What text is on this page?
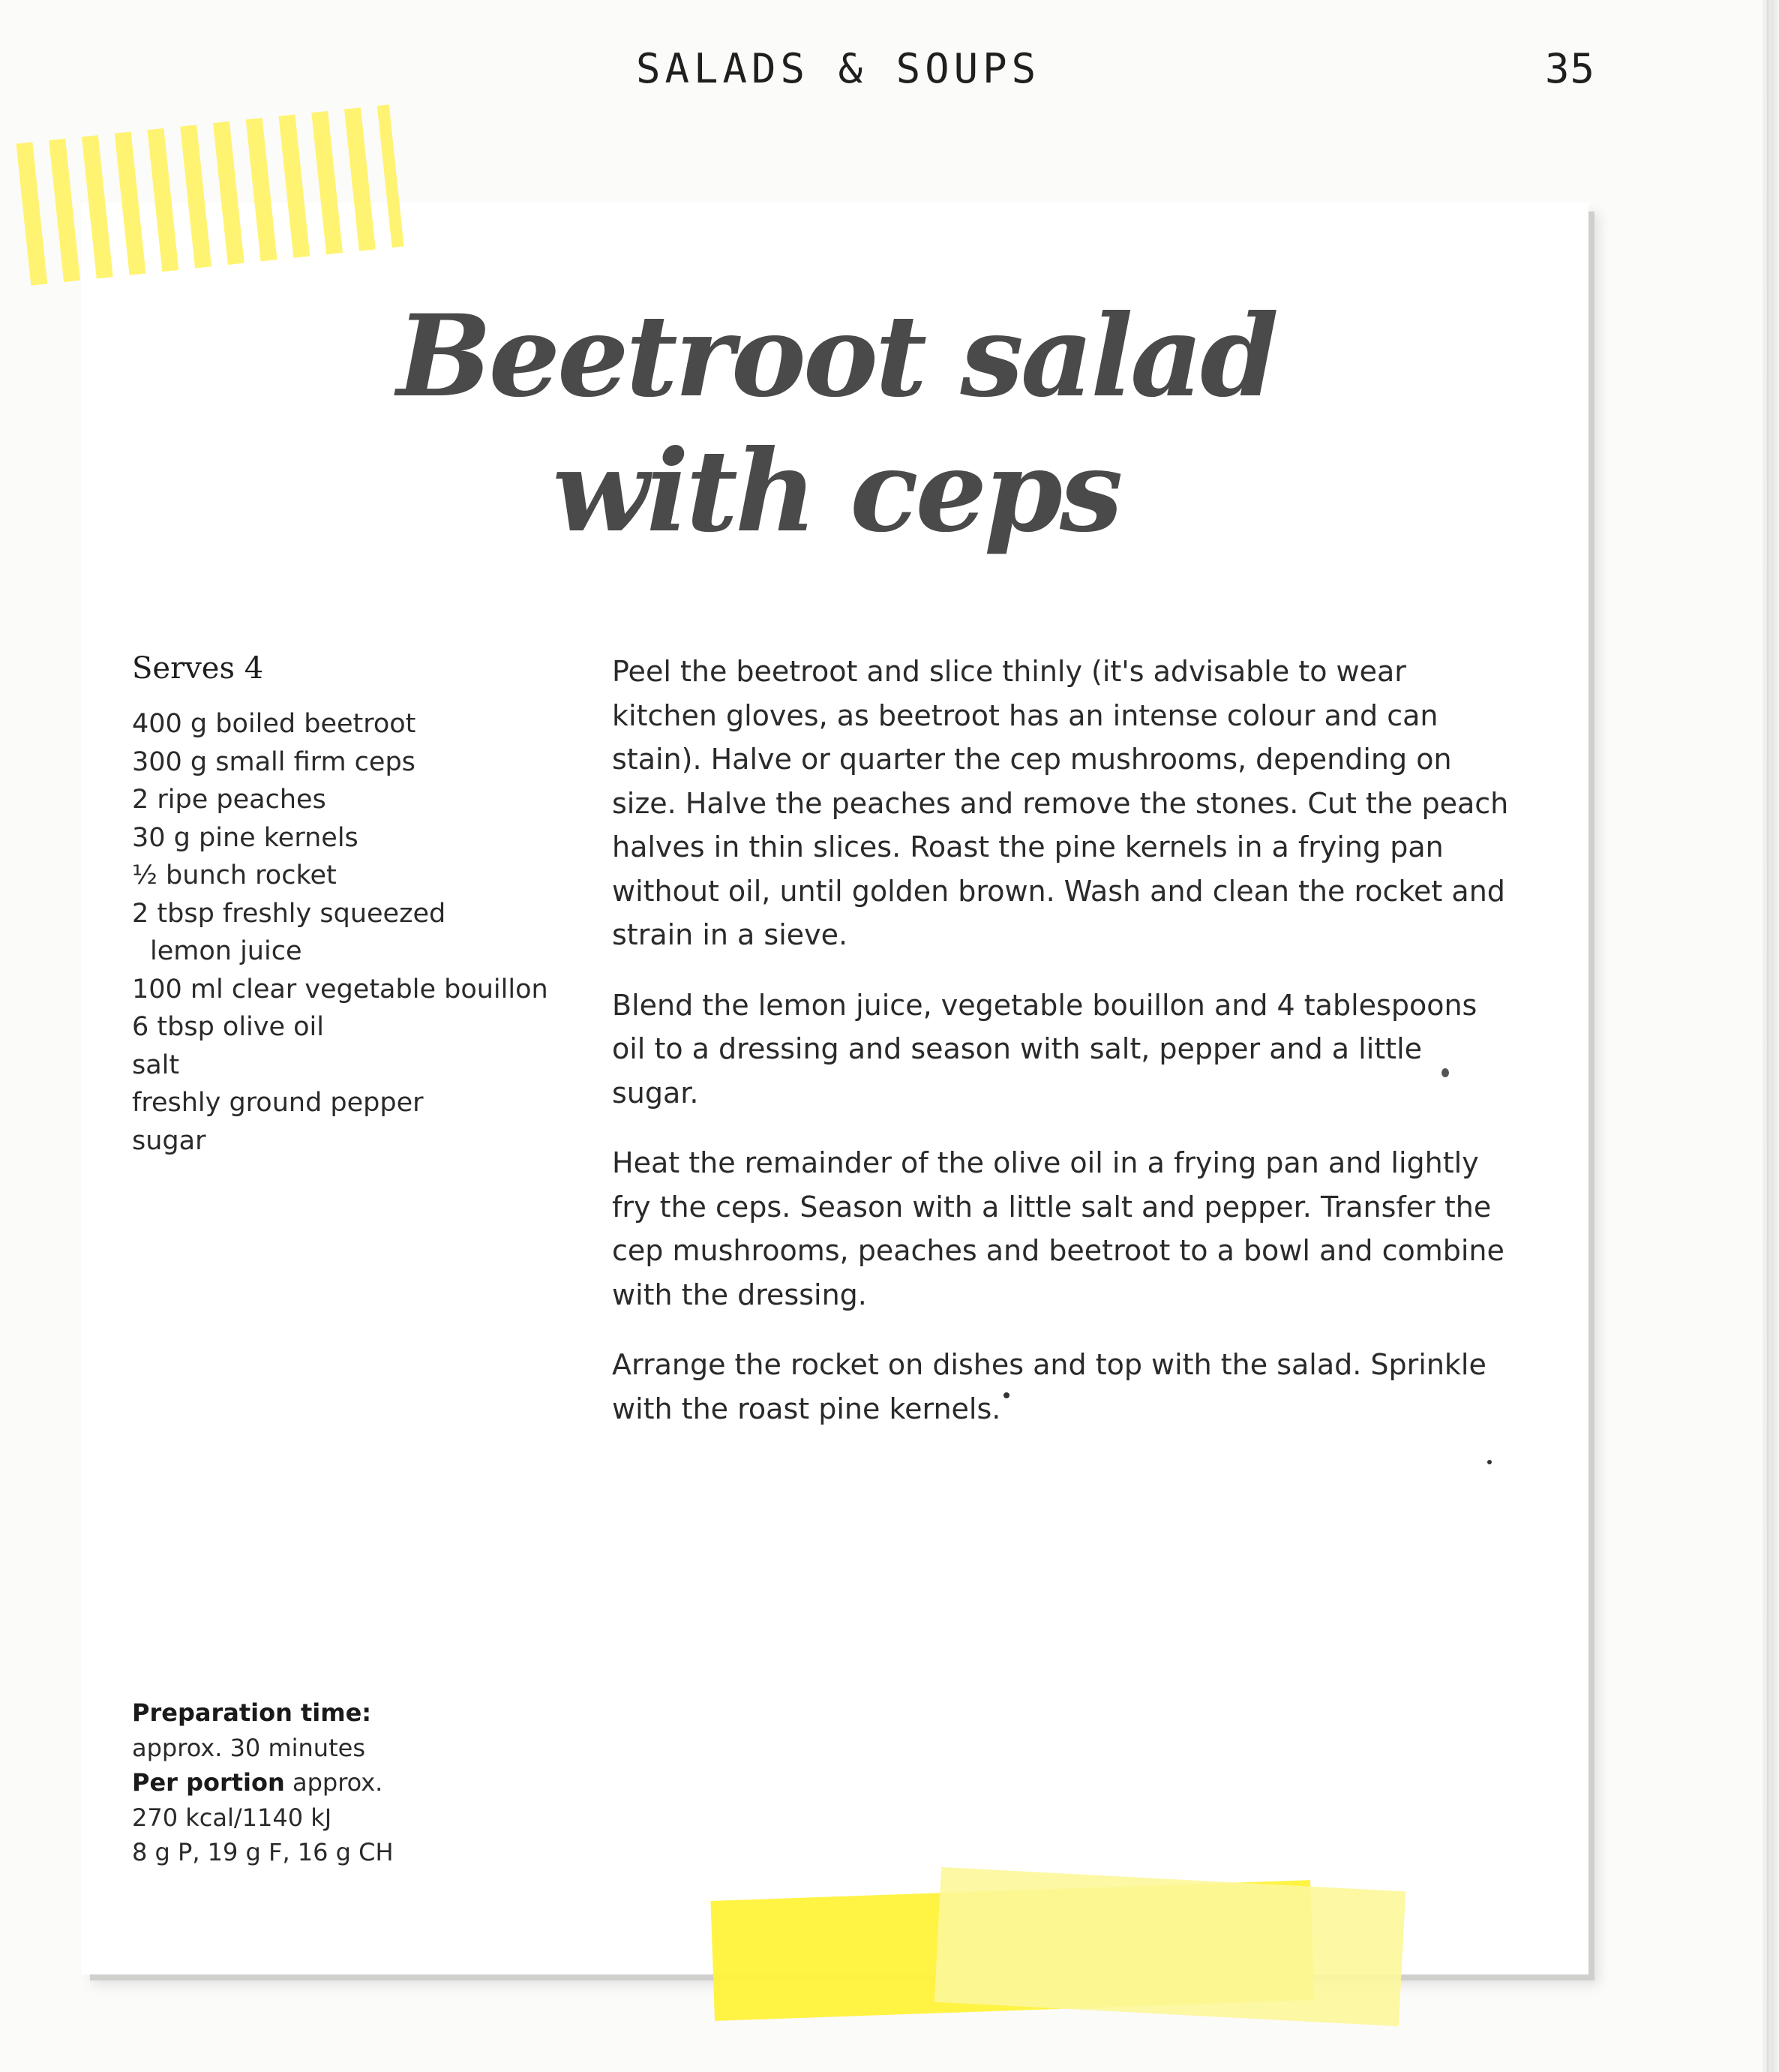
SALADS & SOUPS	35
Beetroot salad
with ceps
Serves 4
400 g boiled beetroot
300 g small firm ceps
2 ripe peaches
30 g pine kernels
½ bunch rocket
2 tbsp freshly squeezed
lemon juice
100 ml clear vegetable bouillon
6 tbsp olive oil
salt
freshly ground pepper
sugar

Peel the beetroot and slice thinly (it's advisable to wear kitchen gloves, as beetroot has an intense colour and can stain). Halve or quarter the cep mushrooms, depending on size. Halve the peaches and remove the stones. Cut the peach halves in thin slices. Roast the pine kernels in a frying pan without oil, until golden brown. Wash and clean the rocket and strain in a sieve.

Blend the lemon juice, vegetable bouillon and 4 tablespoons oil to a dressing and season with salt, pepper and a little sugar.

Heat the remainder of the olive oil in a frying pan and lightly fry the ceps. Season with a little salt and pepper. Transfer the cep mushrooms, peaches and beetroot to a bowl and combine with the dressing.

Arrange the rocket on dishes and top with the salad. Sprinkle with the roast pine kernels.

Preparation time:
approx. 30 minutes
Per portion approx.
270 kcal/1140 kJ
8 g P, 19 g F, 16 g CH
